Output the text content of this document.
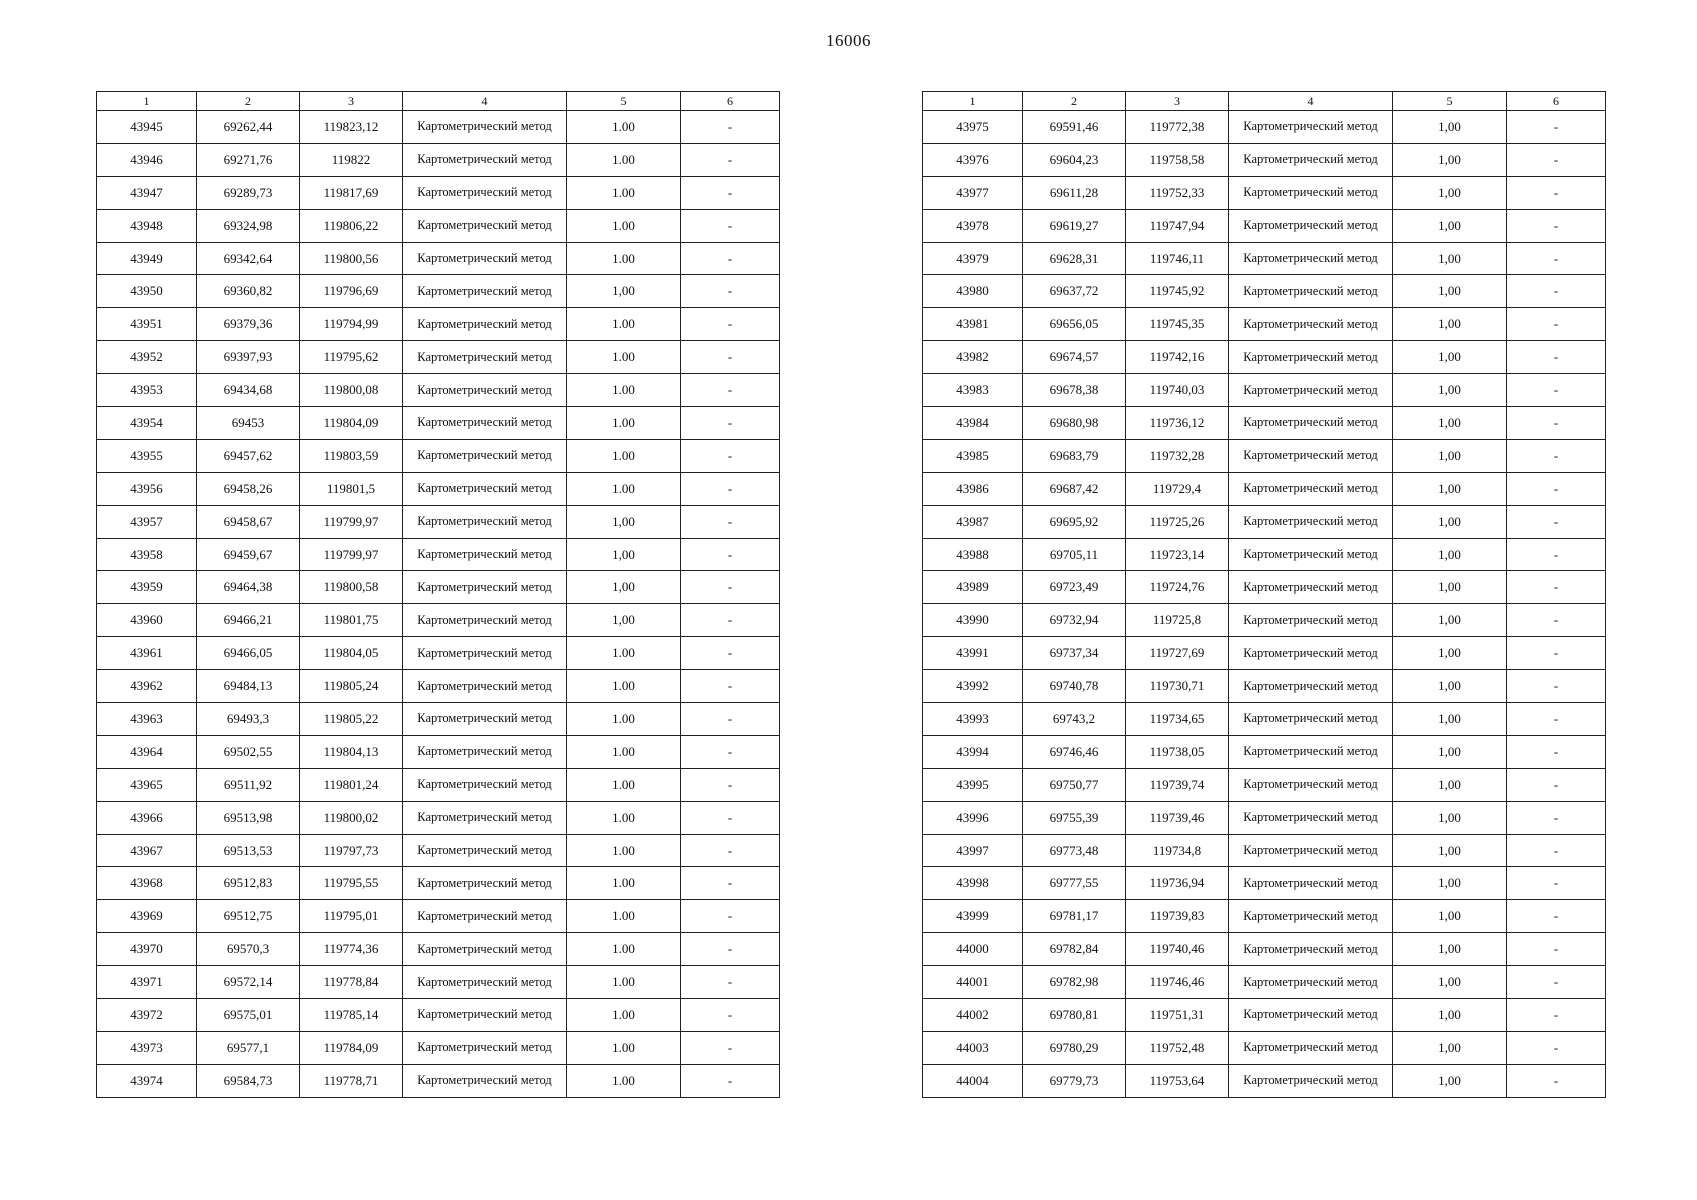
16006
1	2	3	4	5	6
43945	69262,44	119823,12	Картометрический метод	1.00	-
43946	69271,76	119822	Картометрический метод	1.00	-
43947	69289,73	119817,69	Картометрический метод	1.00	-
43948	69324,98	119806,22	Картометрический метод	1.00	-
43949	69342,64	119800,56	Картометрический метод	1.00	-
43950	69360,82	119796,69	Картометрический метод	1,00	-
43951	69379,36	119794,99	Картометрический метод	1.00	-
43952	69397,93	119795,62	Картометрический метод	1.00	-
43953	69434,68	119800,08	Картометрический метод	1.00	-
43954	69453	119804,09	Картометрический метод	1.00	-
43955	69457,62	119803,59	Картометрический метод	1.00	-
43956	69458,26	119801,5	Картометрический метод	1.00	-
43957	69458,67	119799,97	Картометрический метод	1,00	-
43958	69459,67	119799,97	Картометрический метод	1,00	-
43959	69464,38	119800,58	Картометрический метод	1,00	-
43960	69466,21	119801,75	Картометрический метод	1,00	-
43961	69466,05	119804,05	Картометрический метод	1.00	-
43962	69484,13	119805,24	Картометрический метод	1.00	-
43963	69493,3	119805,22	Картометрический метод	1.00	-
43964	69502,55	119804,13	Картометрический метод	1.00	-
43965	69511,92	119801,24	Картометрический метод	1.00	-
43966	69513,98	119800,02	Картометрический метод	1.00	-
43967	69513,53	119797,73	Картометрический метод	1.00	-
43968	69512,83	119795,55	Картометрический метод	1.00	-
43969	69512,75	119795,01	Картометрический метод	1.00	-
43970	69570,3	119774,36	Картометрический метод	1.00	-
43971	69572,14	119778,84	Картометрический метод	1.00	-
43972	69575,01	119785,14	Картометрический метод	1.00	-
43973	69577,1	119784,09	Картометрический метод	1.00	-
43974	69584,73	119778,71	Картометрический метод	1.00	-
1	2	3	4	5	6
43975	69591,46	119772,38	Картометрический метод	1,00	-
43976	69604,23	119758,58	Картометрический метод	1,00	-
43977	69611,28	119752,33	Картометрический метод	1,00	-
43978	69619,27	119747,94	Картометрический метод	1,00	-
43979	69628,31	119746,11	Картометрический метод	1,00	-
43980	69637,72	119745,92	Картометрический метод	1,00	-
43981	69656,05	119745,35	Картометрический метод	1,00	-
43982	69674,57	119742,16	Картометрический метод	1,00	-
43983	69678,38	119740,03	Картометрический метод	1,00	-
43984	69680,98	119736,12	Картометрический метод	1,00	-
43985	69683,79	119732,28	Картометрический метод	1,00	-
43986	69687,42	119729,4	Картометрический метод	1,00	-
43987	69695,92	119725,26	Картометрический метод	1,00	-
43988	69705,11	119723,14	Картометрический метод	1,00	-
43989	69723,49	119724,76	Картометрический метод	1,00	-
43990	69732,94	119725,8	Картометрический метод	1,00	-
43991	69737,34	119727,69	Картометрический метод	1,00	-
43992	69740,78	119730,71	Картометрический метод	1,00	-
43993	69743,2	119734,65	Картометрический метод	1,00	-
43994	69746,46	119738,05	Картометрический метод	1,00	-
43995	69750,77	119739,74	Картометрический метод	1,00	-
43996	69755,39	119739,46	Картометрический метод	1,00	-
43997	69773,48	119734,8	Картометрический метод	1,00	-
43998	69777,55	119736,94	Картометрический метод	1,00	-
43999	69781,17	119739,83	Картометрический метод	1,00	-
44000	69782,84	119740,46	Картометрический метод	1,00	-
44001	69782,98	119746,46	Картометрический метод	1,00	-
44002	69780,81	119751,31	Картометрический метод	1,00	-
44003	69780,29	119752,48	Картометрический метод	1,00	-
44004	69779,73	119753,64	Картометрический метод	1,00	-
